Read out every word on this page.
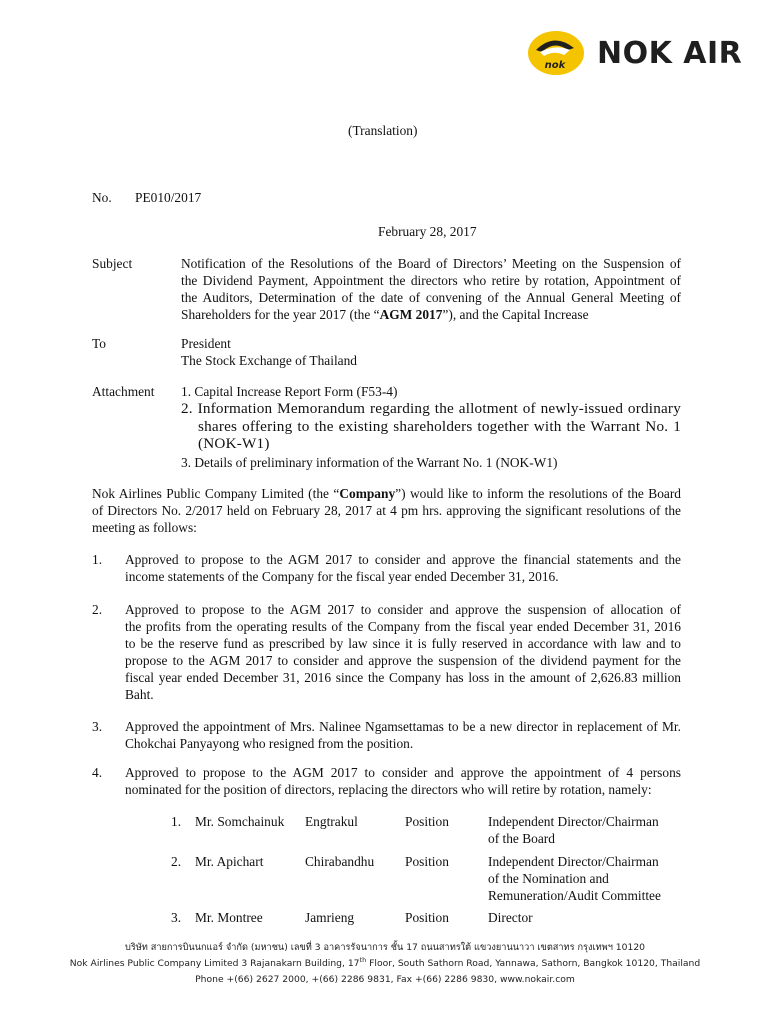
nok NOK AIR
(Translation)
No. PE010/2017
February 28, 2017
Subject	Notification of the Resolutions of the Board of Directors’ Meeting on the Suspension of
the Dividend Payment, Appointment the directors who retire by rotation, Appointment of
the Auditors, Determination of the date of convening of the Annual General Meeting of
Shareholders for the year 2017 (the “AGM 2017”), and the Capital Increase
To	President
The Stock Exchange of Thailand
Attachment 1. Capital Increase Report Form (F53-4)
2. Information Memorandum regarding the allotment of newly-issued ordinary
shares offering to the existing shareholders together with the Warrant No. 1
(NOK-W1)
3. Details of preliminary information of the Warrant No. 1 (NOK-W1)
Nok Airlines Public Company Limited (the “Company”) would like to inform the resolutions of the Board
of Directors No. 2/2017 held on February 28, 2017 at 4 pm hrs. approving the significant resolutions of the
meeting as follows:
1. Approved to propose to the AGM 2017 to consider and approve the financial statements and the
income statements of the Company for the fiscal year ended December 31, 2016.
2. Approved to propose to the AGM 2017 to consider and approve the suspension of allocation of
the profits from the operating results of the Company from the fiscal year ended December 31, 2016
to be the reserve fund as prescribed by law since it is fully reserved in accordance with law and to
propose to the AGM 2017 to consider and approve the suspension of the dividend payment for the
fiscal year ended December 31, 2016 since the Company has loss in the amount of 2,626.83 million
Baht.
3. Approved the appointment of Mrs. Nalinee Ngamsettamas to be a new director in replacement of Mr.
Chokchai Panyayong who resigned from the position.
4. Approved to propose to the AGM 2017 to consider and approve the appointment of 4 persons
nominated for the position of directors, replacing the directors who will retire by rotation, namely:
1. Mr. Somchainuk Engtrakul	Position	Independent Director/Chairman
of the Board
2. Mr. Apichart	Chirabandhu Position	Independent Director/Chairman
of the Nomination and
Remuneration/Audit Committee
3. Mr. Montree	Jamrieng	Position	Director
บริษัท สายการบินนกแอร์ จำกัด (มหาชน) เลขที่ 3 อาคารรัจนาการ ชั้น 17 ถนนสาทรใต้ แขวงยานนาวา เขตสาทร กรุงเทพฯ 10120
Nok Airlines Public Company Limited 3 Rajanakarn Building, 17th Floor, South Sathorn Road, Yannawa, Sathorn, Bangkok 10120, Thailand
Phone +(66) 2627 2000, +(66) 2286 9831, Fax +(66) 2286 9830, www.nokair.com
